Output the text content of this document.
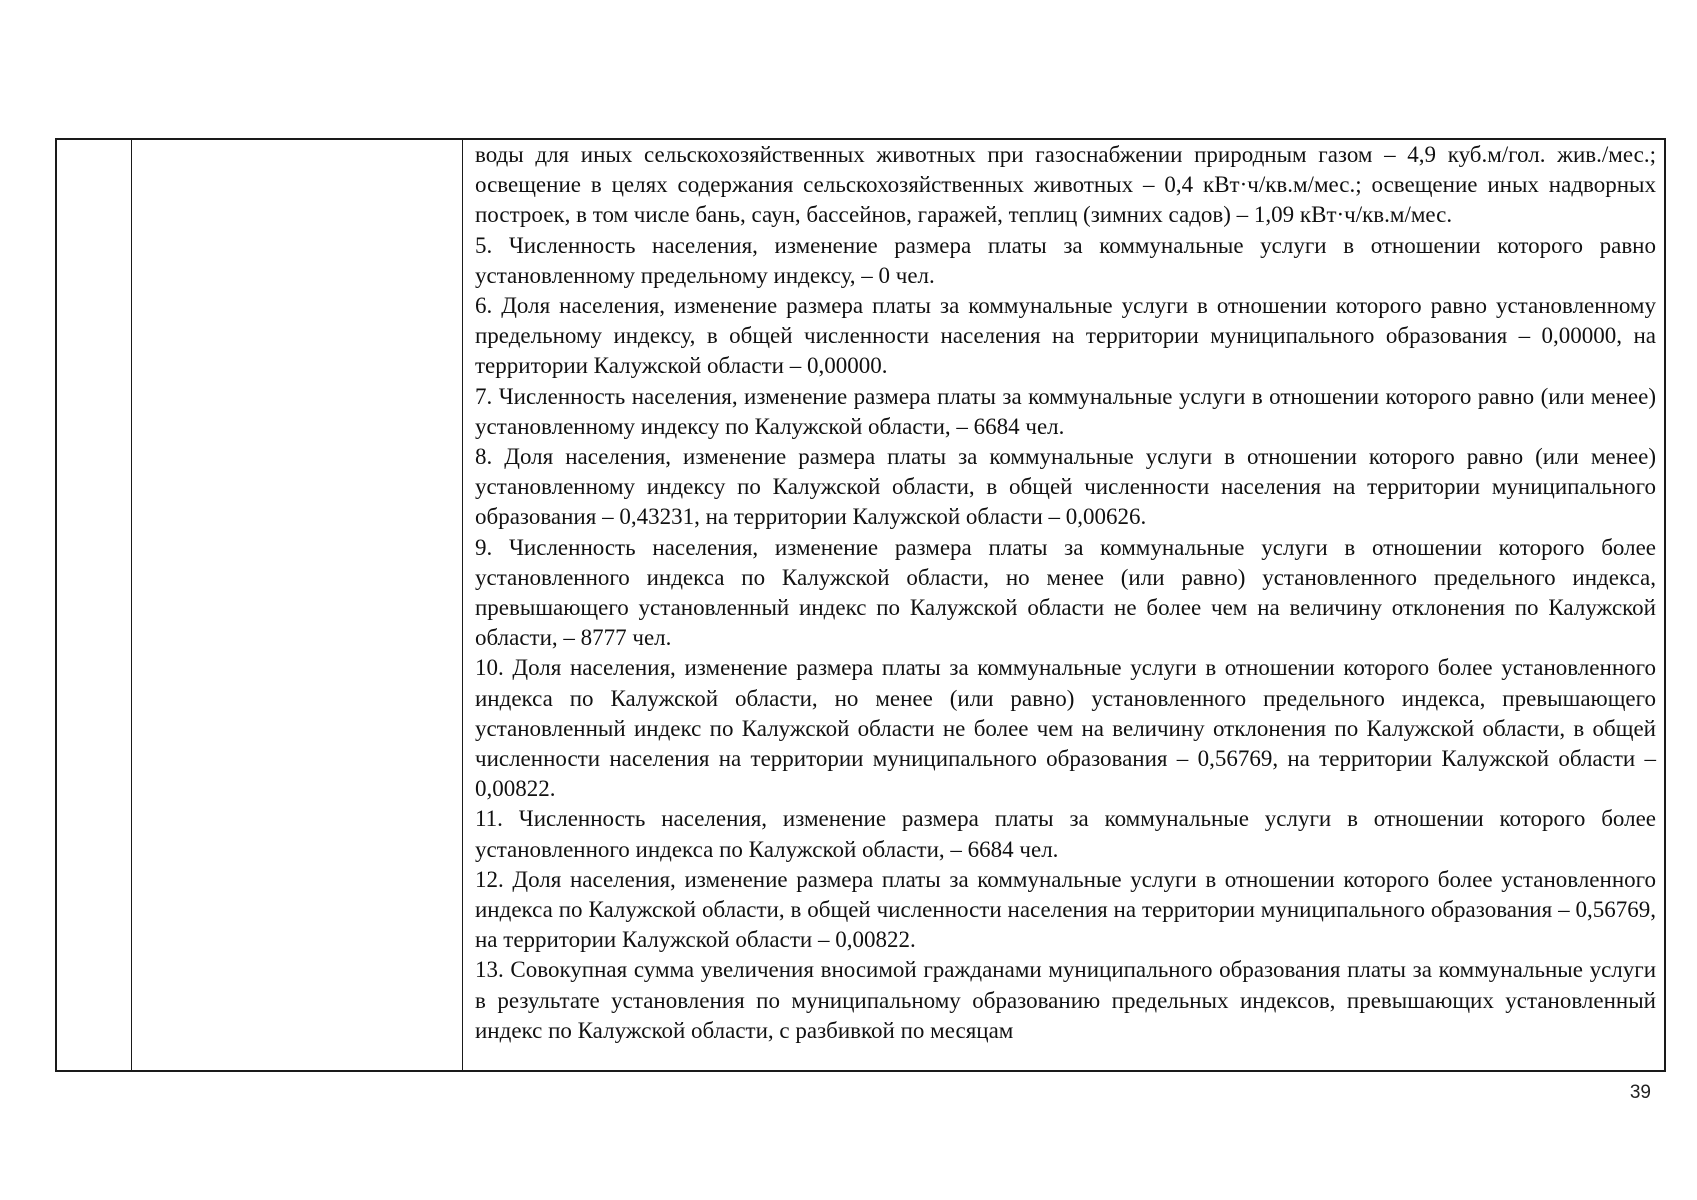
воды для иных сельскохозяйственных животных при газоснабжении природным газом – 4,9 куб.м/гол. жив./мес.; освещение в целях содержания сельскохозяйственных животных – 0,4 кВт·ч/кв.м/мес.; освещение иных надворных построек, в том числе бань, саун, бассейнов, гаражей, теплиц (зимних садов) – 1,09 кВт·ч/кв.м/мес.

5. Численность населения, изменение размера платы за коммунальные услуги в отношении которого равно установленному предельному индексу, – 0 чел.

6. Доля населения, изменение размера платы за коммунальные услуги в отношении которого равно установленному предельному индексу, в общей численности населения на территории муниципального образования – 0,00000, на территории Калужской области – 0,00000.

7. Численность населения, изменение размера платы за коммунальные услуги в отношении которого равно (или менее) установленному индексу по Калужской области, – 6684 чел.

8. Доля населения, изменение размера платы за коммунальные услуги в отношении которого равно (или менее) установленному индексу по Калужской области, в общей численности населения на территории муниципального образования – 0,43231, на территории Калужской области – 0,00626.

9. Численность населения, изменение размера платы за коммунальные услуги в отношении которого более установленного индекса по Калужской области, но менее (или равно) установленного предельного индекса, превышающего установленный индекс по Калужской области не более чем на величину отклонения по Калужской области, – 8777 чел.

10. Доля населения, изменение размера платы за коммунальные услуги в отношении которого более установленного индекса по Калужской области, но менее (или равно) установленного предельного индекса, превышающего установленный индекс по Калужской области не более чем на величину отклонения по Калужской области, в общей численности населения на территории муниципального образования – 0,56769, на территории Калужской области – 0,00822.

11. Численность населения, изменение размера платы за коммунальные услуги в отношении которого более установленного индекса по Калужской области, – 6684 чел.

12. Доля населения, изменение размера платы за коммунальные услуги в отношении которого более установленного индекса по Калужской области, в общей численности населения на территории муниципального образования – 0,56769, на территории Калужской области – 0,00822.

13. Совокупная сумма увеличения вносимой гражданами муниципального образования платы за коммунальные услуги в результате установления по муниципальному образованию предельных индексов, превышающих установленный индекс по Калужской области, с разбивкой по месяцам

39
